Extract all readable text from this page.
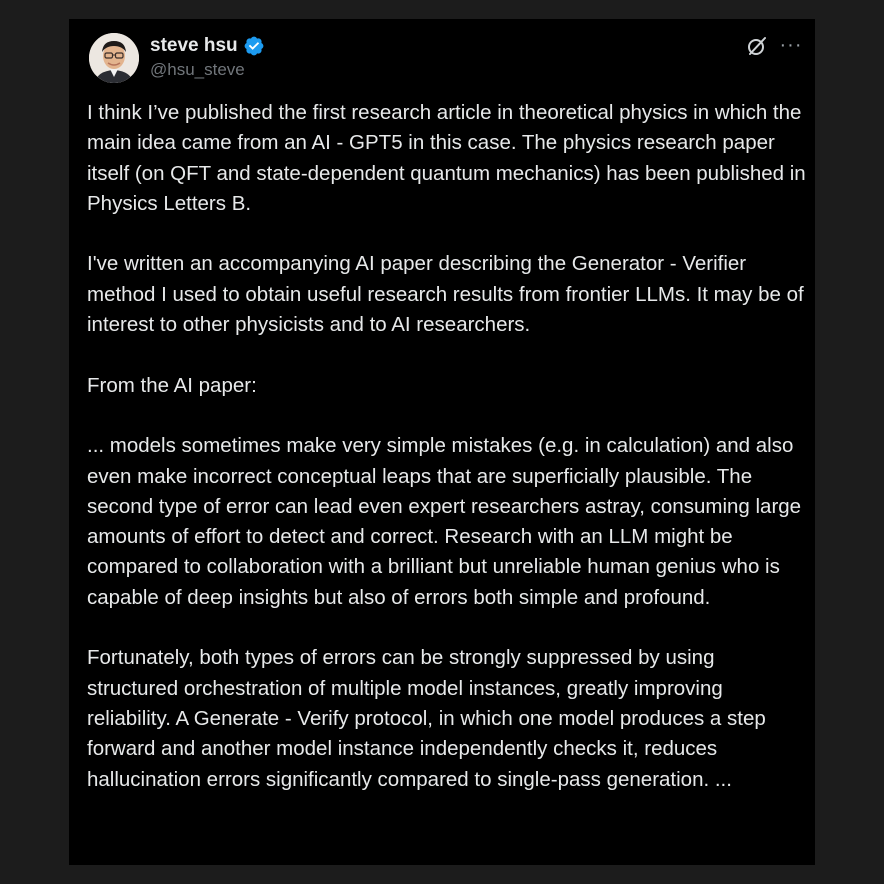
steve hsu
@hsu_steve
···

I think I’ve published the first research article in theoretical physics in which the main idea came from an AI - GPT5 in this case. The physics research paper itself (on QFT and state-dependent quantum mechanics) has been published in Physics Letters B.

I've written an accompanying AI paper describing the Generator - Verifier method I used to obtain useful research results from frontier LLMs. It may be of interest to other physicists and to AI researchers.

From the AI paper:

... models sometimes make very simple mistakes (e.g. in calculation) and also even make incorrect conceptual leaps that are superficially plausible. The second type of error can lead even expert researchers astray, consuming large amounts of effort to detect and correct. Research with an LLM might be compared to collaboration with a brilliant but unreliable human genius who is capable of deep insights but also of errors both simple and profound.

Fortunately, both types of errors can be strongly suppressed by using structured orchestration of multiple model instances, greatly improving reliability. A Generate - Verify protocol, in which one model produces a step forward and another model instance independently checks it, reduces hallucination errors significantly compared to single-pass generation. ...
